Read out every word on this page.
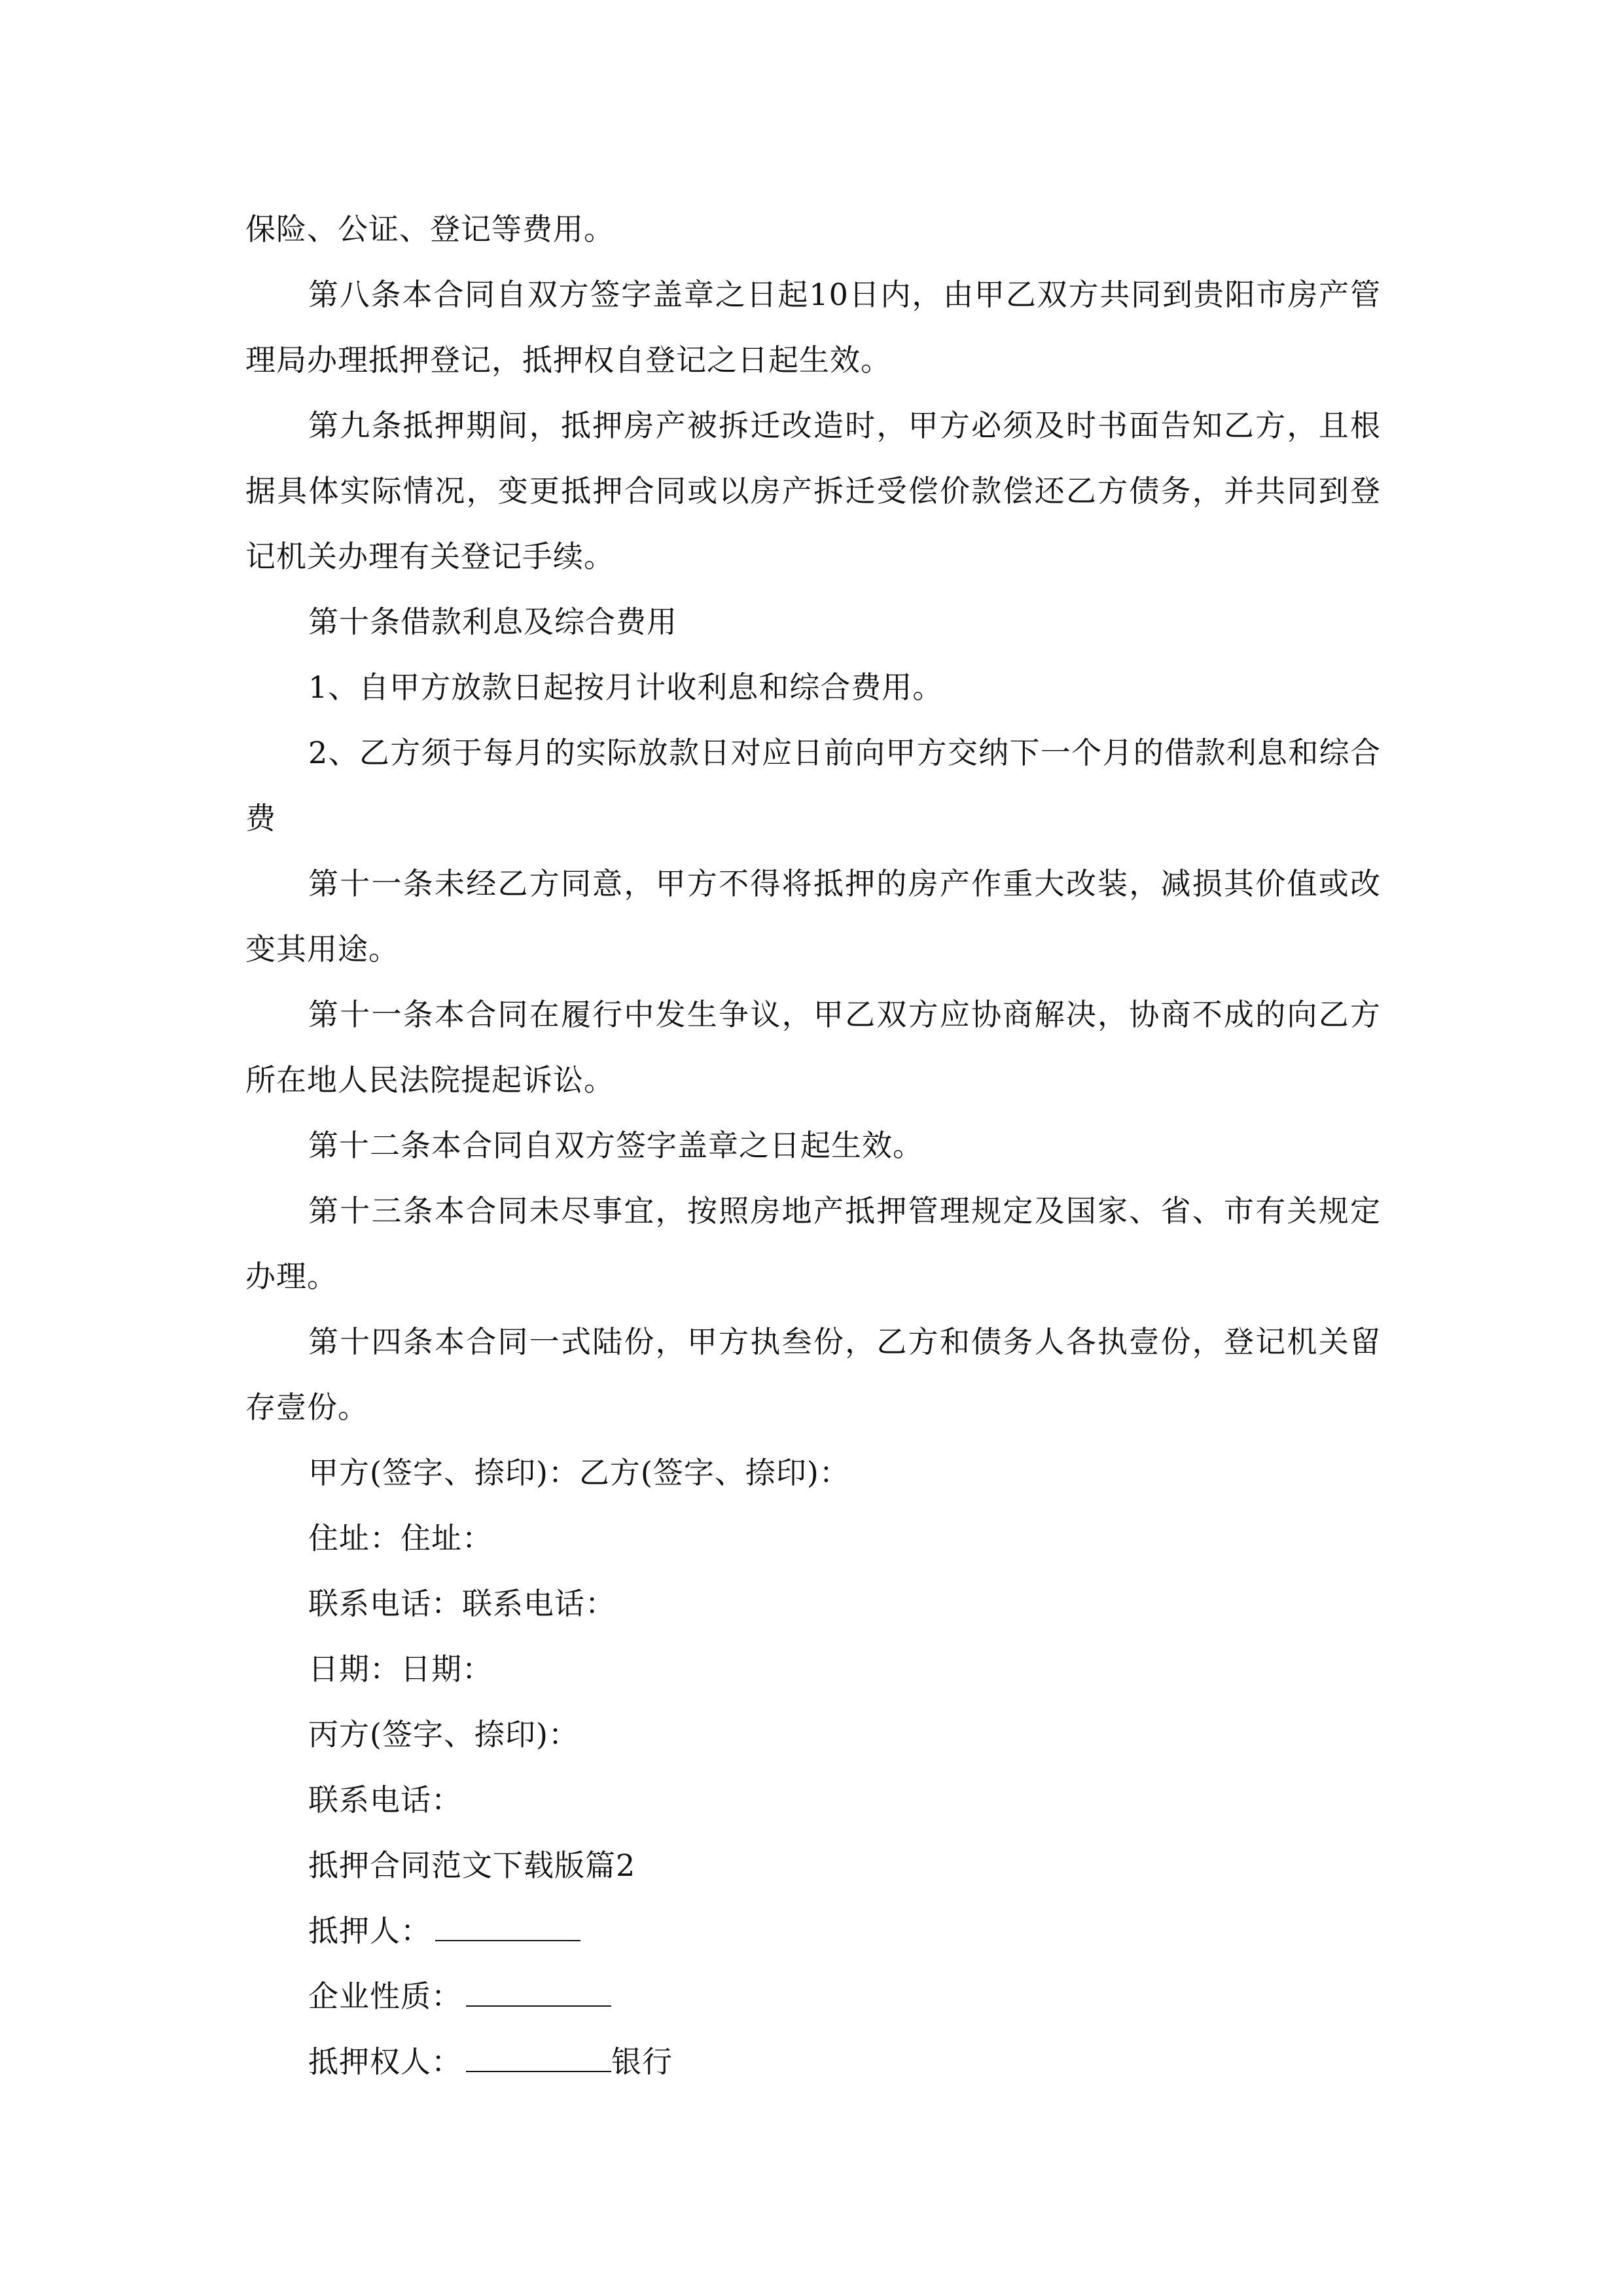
保险、公证、登记等费用。

第八条本合同自双方签字盖章之日起10日内，由甲乙双方共同到贵阳市房产管理局办理抵押登记，抵押权自登记之日起生效。

第九条抵押期间，抵押房产被拆迁改造时，甲方必须及时书面告知乙方，且根据具体实际情况，变更抵押合同或以房产拆迁受偿价款偿还乙方债务，并共同到登记机关办理有关登记手续。

第十条借款利息及综合费用

1、自甲方放款日起按月计收利息和综合费用。

2、乙方须于每月的实际放款日对应日前向甲方交纳下一个月的借款利息和综合费

第十一条未经乙方同意，甲方不得将抵押的房产作重大改装，减损其价值或改变其用途。

第十一条本合同在履行中发生争议，甲乙双方应协商解决，协商不成的向乙方所在地人民法院提起诉讼。

第十二条本合同自双方签字盖章之日起生效。

第十三条本合同未尽事宜，按照房地产抵押管理规定及国家、省、市有关规定办理。

第十四条本合同一式陆份，甲方执叁份，乙方和债务人各执壹份，登记机关留存壹份。

甲方(签字、捺印)：乙方(签字、捺印)：

住址：住址：

联系电话：联系电话：

日期：日期：

丙方(签字、捺印)：

联系电话：

抵押合同范文下载版篇2

抵押人：

企业性质：

抵押权人：	银行
